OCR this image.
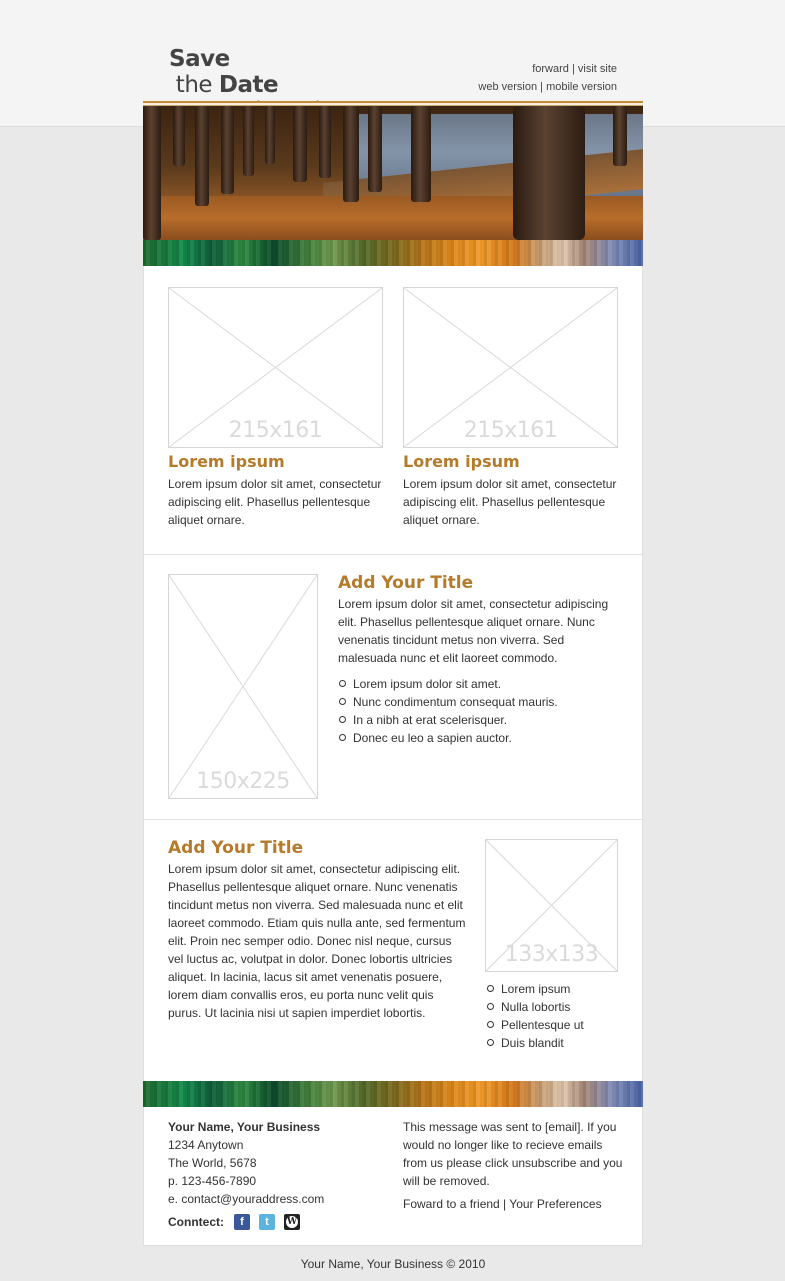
Save the Date
forward | visit site
web version | mobile version
215x161
Lorem ipsum

Lorem ipsum dolor sit amet, consectetur adipiscing elit. Phasellus pellentesque aliquet ornare.

215x161
Lorem ipsum

Lorem ipsum dolor sit amet, consectetur adipiscing elit. Phasellus pellentesque aliquet ornare.

150x225
Add Your Title

Lorem ipsum dolor sit amet, consectetur adipiscing elit. Phasellus pellentesque aliquet ornare. Nunc venenatis tincidunt metus non viverra. Sed malesuada nunc et elit laoreet commodo.

Lorem ipsum dolor sit amet.
Nunc condimentum consequat mauris.
In a nibh at erat scelerisquer.
Donec eu leo a sapien auctor.
Add Your Title

Lorem ipsum dolor sit amet, consectetur adipiscing elit. Phasellus pellentesque aliquet ornare. Nunc venenatis tincidunt metus non viverra. Sed malesuada nunc et elit laoreet commodo. Etiam quis nulla ante, sed fermentum elit. Proin nec semper odio. Donec nisl neque, cursus vel luctus ac, volutpat in dolor. Donec lobortis ultricies aliquet. In lacinia, lacus sit amet venenatis posuere, lorem diam convallis eros, eu porta nunc velit quis purus. Ut lacinia nisi ut sapien imperdiet lobortis.

133x133
Lorem ipsum
Nulla lobortis
Pellentesque ut
Duis blandit
Your Name, Your Business
1234 Anytown
The World, 5678
p. 123-456-7890
e. contact@youraddress.com
Conntect:	f	t	W

This message was sent to [email]. If you would no longer like to recieve emails from us please click unsubscribe and you will be removed.

Foward to a friend | Your Preferences

Your Name, Your Business © 2010
